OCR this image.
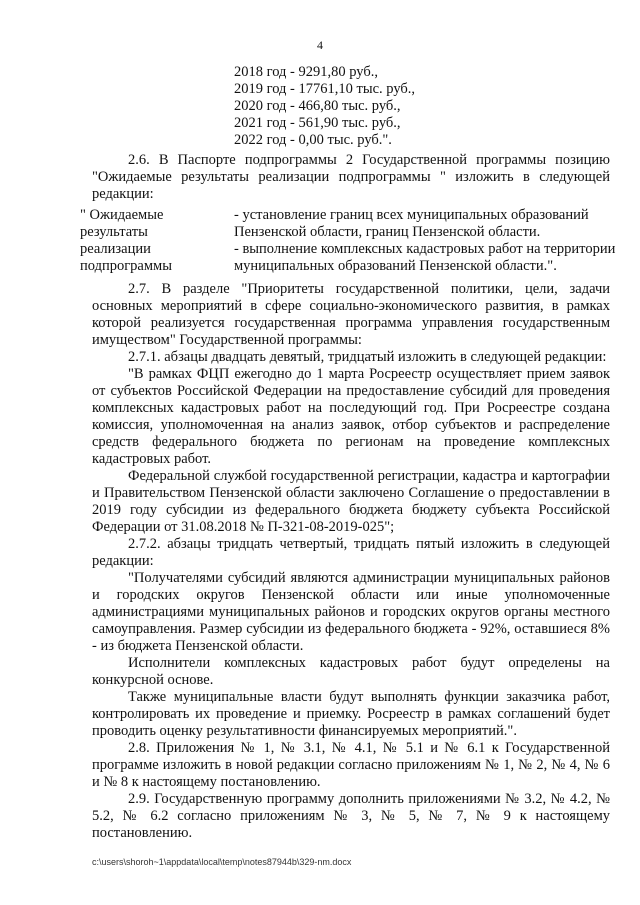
4
2018 год - 9291,80 руб.,
2019 год - 17761,10 тыс. руб.,
2020 год - 466,80 тыс. руб.,
2021 год - 561,90 тыс. руб.,
2022 год - 0,00 тыс. руб.".

2.6. В Паспорте подпрограммы 2 Государственной программы позицию "Ожидаемые результаты реализации подпрограммы " изложить в следующей редакции:

" Ожидаемые
результаты
реализации
подпрограммы
- установление границ всех муниципальных образований
Пензенской области, границ Пензенской области.
- выполнение комплексных кадастровых работ на территории
муниципальных образований Пензенской области.".

2.7. В разделе "Приоритеты государственной политики, цели, задачи основных мероприятий в сфере социально-экономического развития, в рамках которой реализуется государственная программа управления государственным имуществом" Государственной программы:

2.7.1. абзацы двадцать девятый, тридцатый изложить в следующей редакции:

"В рамках ФЦП ежегодно до 1 марта Росреестр осуществляет прием заявок от субъектов Российской Федерации на предоставление субсидий для проведения комплексных кадастровых работ на последующий год. При Росреестре создана комиссия, уполномоченная на анализ заявок, отбор субъектов и распределение средств федерального бюджета по регионам на проведение комплексных кадастровых работ.

Федеральной службой государственной регистрации, кадастра и картографии и Правительством Пензенской области заключено Соглашение о предоставлении в 2019 году субсидии из федерального бюджета бюджету субъекта Российской Федерации от 31.08.2018 № П-321-08-2019-025";

2.7.2. абзацы тридцать четвертый, тридцать пятый изложить в следующей редакции:

"Получателями субсидий являются администрации муниципальных районов и городских округов Пензенской области или иные уполномоченные администрациями муниципальных районов и городских округов органы местного самоуправления. Размер субсидии из федерального бюджета - 92%, оставшиеся 8% - из бюджета Пензенской области.

Исполнители комплексных кадастровых работ будут определены на конкурсной основе.

Также муниципальные власти будут выполнять функции заказчика работ, контролировать их проведение и приемку. Росреестр в рамках соглашений будет проводить оценку результативности финансируемых мероприятий.".

2.8. Приложения № 1, № 3.1, № 4.1, № 5.1 и № 6.1 к Государственной программе изложить в новой редакции согласно приложениям № 1, № 2, № 4, № 6 и № 8 к настоящему постановлению.

2.9. Государственную программу дополнить приложениями № 3.2, № 4.2, № 5.2, № 6.2 согласно приложениям № 3, № 5, № 7, № 9 к настоящему постановлению.

c:\users\shoroh~1\appdata\local\temp\notes87944b\329-nm.docx
